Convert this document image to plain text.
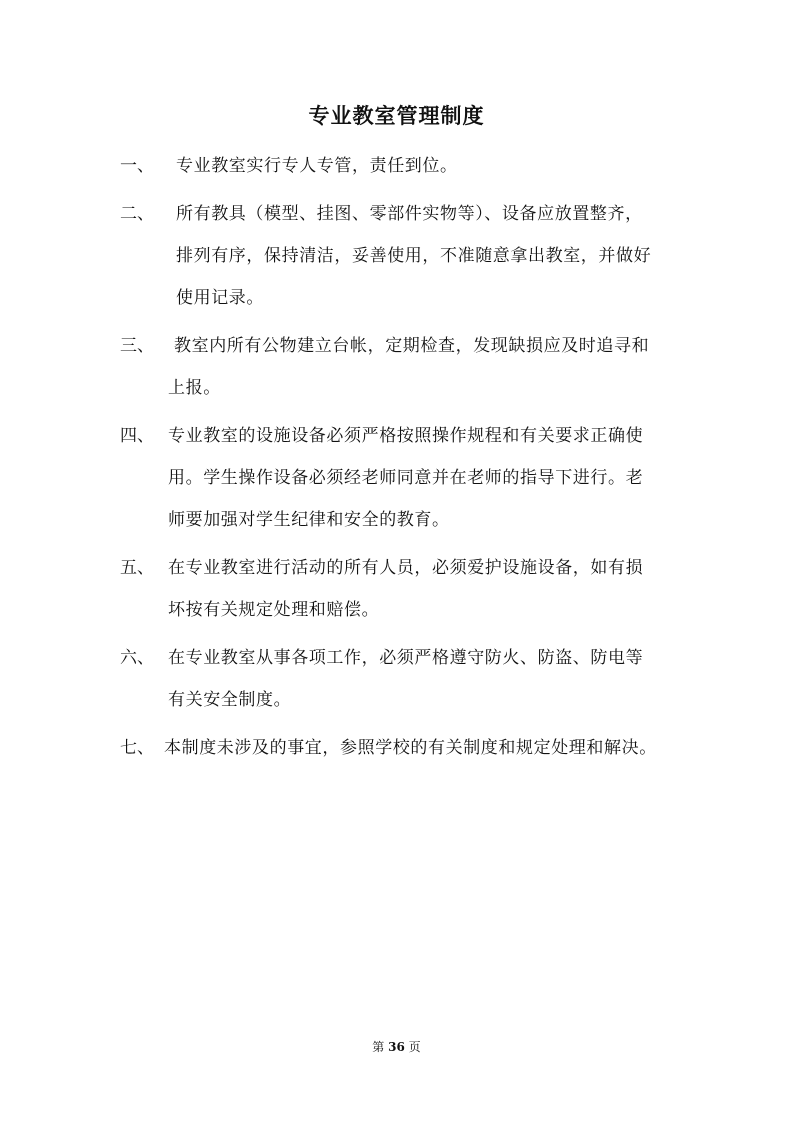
专业教室管理制度
一、	专业教室实行专人专管，责任到位。

二、	所有教具（模型、挂图、零部件实物等）、设备应放置整齐，

排列有序，保持清洁，妥善使用，不准随意拿出教室，并做好

使用记录。

三、	教室内所有公物建立台帐，定期检查，发现缺损应及时追寻和

上报。

四、 专业教室的设施设备必须严格按照操作规程和有关要求正确使

用。学生操作设备必须经老师同意并在老师的指导下进行。老

师要加强对学生纪律和安全的教育。

五、 在专业教室进行活动的所有人员，必须爱护设施设备，如有损

坏按有关规定处理和赔偿。

六、 在专业教室从事各项工作，必须严格遵守防火、防盗、防电等

有关安全制度。

七、 本制度未涉及的事宜，参照学校的有关制度和规定处理和解决。

第 36 页
